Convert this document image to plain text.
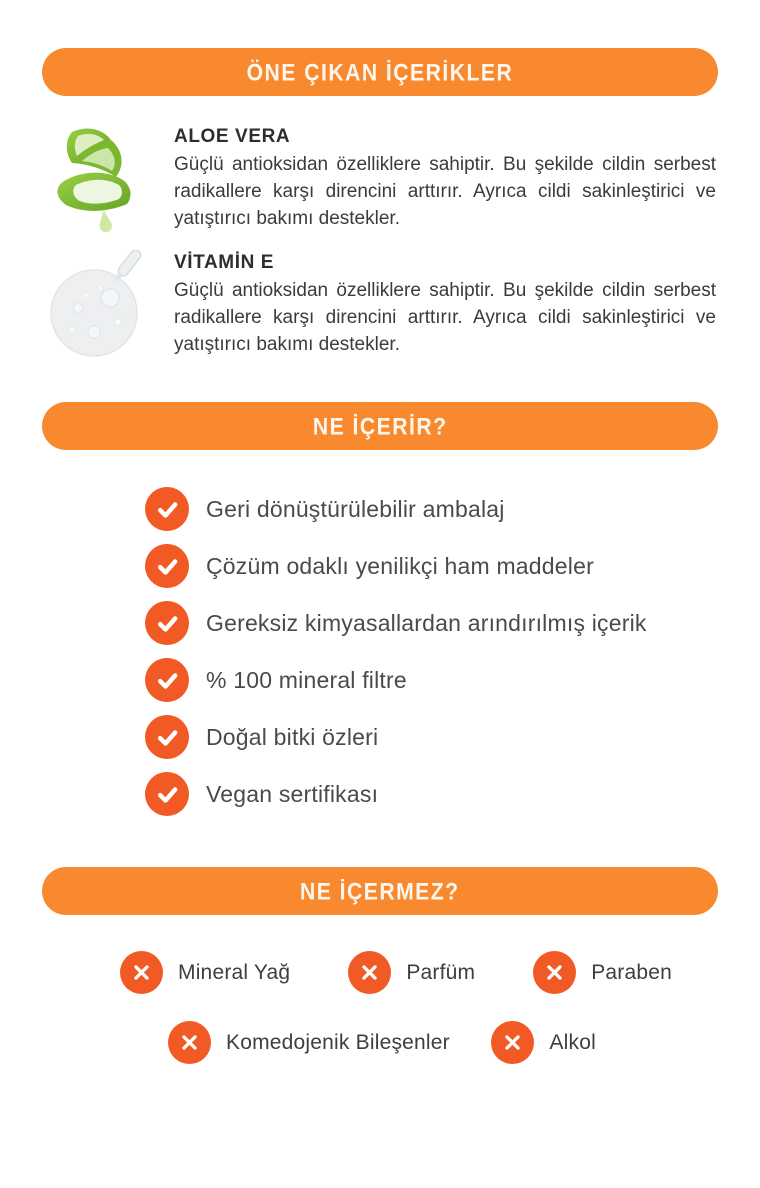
ÖNE ÇIKAN İÇERİKLER
ALOE VERA
Güçlü antioksidan özelliklere sahiptir. Bu şekilde cildin serbest radikallere karşı direncini arttırır. Ayrıca cildi sakinleştirici ve yatıştırıcı bakımı destekler.
VİTAMİN E
Güçlü antioksidan özelliklere sahiptir. Bu şekilde cildin serbest radikallere karşı direncini arttırır. Ayrıca cildi sakinleştirici ve yatıştırıcı bakımı destekler.
NE İÇERİR?
Geri dönüştürülebilir ambalaj
Çözüm odaklı yenilikçi ham maddeler
Gereksiz kimyasallardan arındırılmış içerik
% 100 mineral filtre
Doğal bitki özleri
Vegan sertifikası
NE İÇERMEZ?
Mineral Yağ	Parfüm	Paraben
Komedojenik Bileşenler	Alkol
